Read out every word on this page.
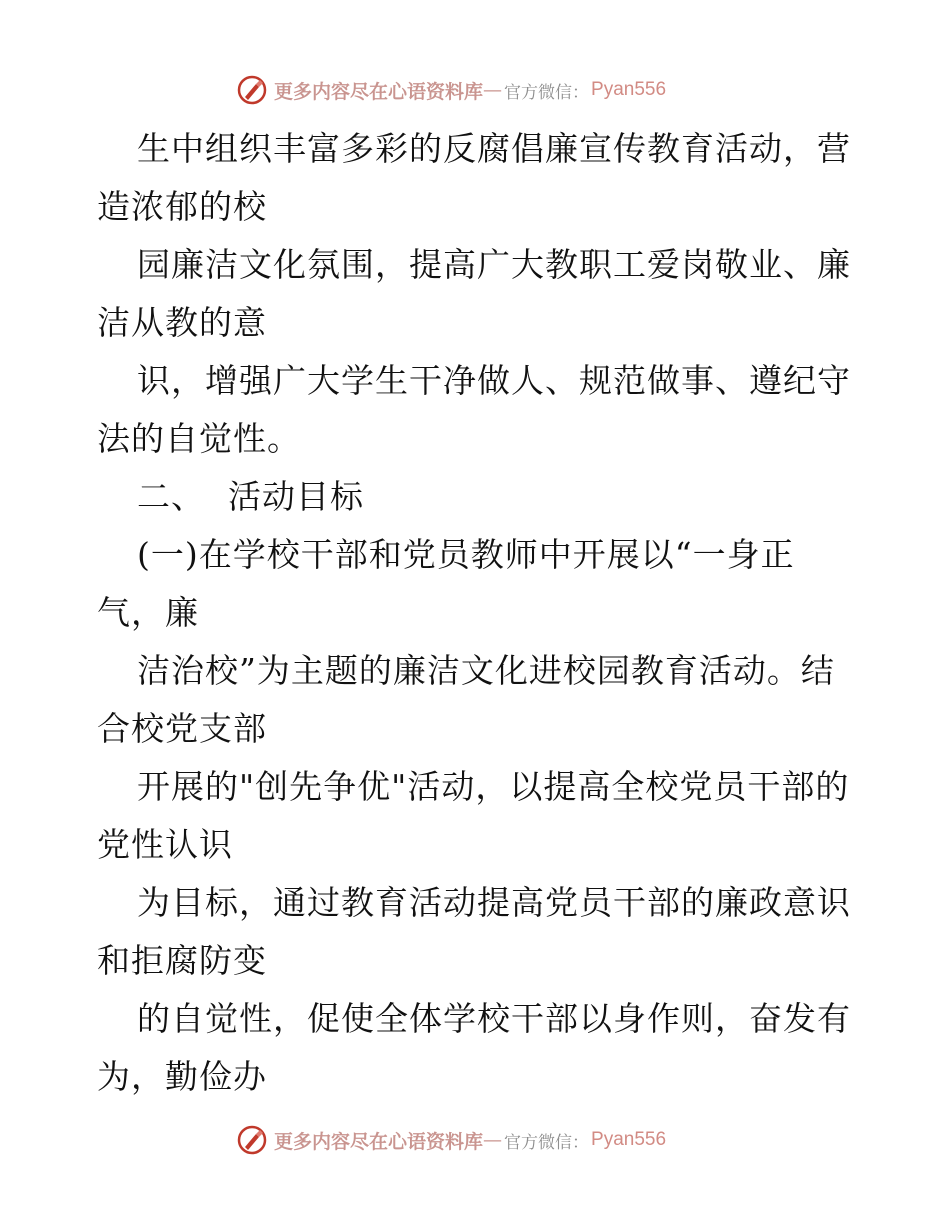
更多内容尽在心语资料库 — 官方微信： Pyan556
生中组织丰富多彩的反腐倡廉宣传教育活动，营
造浓郁的校
园廉洁文化氛围，提高广大教职工爱岗敬业、廉
洁从教的意
识，增强广大学生干净做人、规范做事、遵纪守
法的自觉性。
二、  活动目标
(一)在学校干部和党员教师中开展以“一身正
气，廉
洁治校”为主题的廉洁文化进校园教育活动。结
合校党支部
开展的"创先争优"活动，以提高全校党员干部的
党性认识
为目标，通过教育活动提高党员干部的廉政意识
和拒腐防变
的自觉性，促使全体学校干部以身作则，奋发有
为，勤俭办
更多内容尽在心语资料库 — 官方微信： Pyan556
